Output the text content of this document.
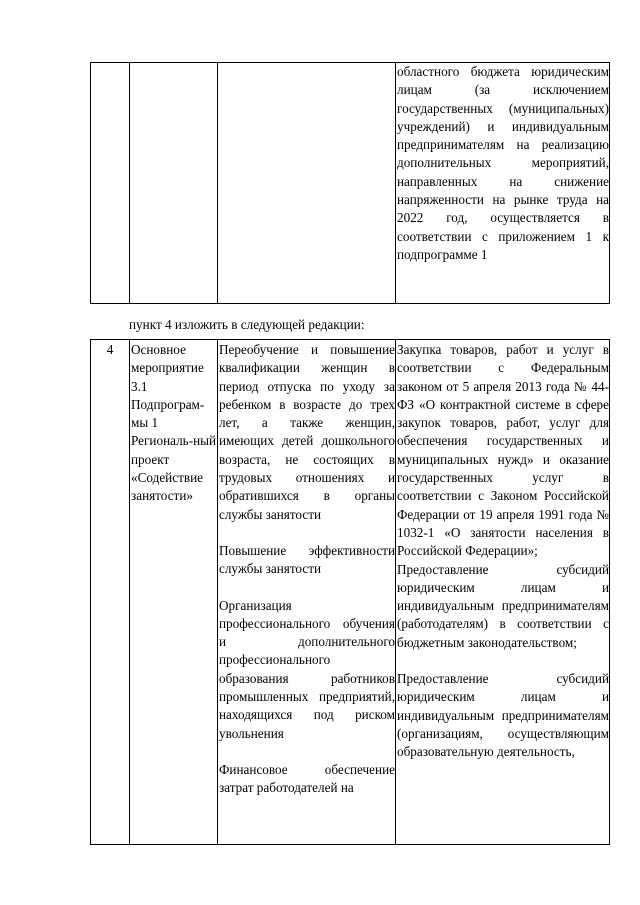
областного бюджета юридическим лицам (за исключением государственных (муниципальных) учреждений) и индивидуальным предпринимателям на реализацию дополнительных мероприятий, направленных на снижение напряженности на рынке труда на 2022 год, осуществляется в соответствии с приложением 1 к подпрограмме 1

пункт 4 изложить в следующей редакции:
4	Основное мероприятие 3.1 Подпрограм-мы 1 Региональ-ный проект «Содействие занятости»

Переобучение и повышение квалификации женщин в период отпуска по уходу за ребенком в возрасте до трех лет, а также женщин, имеющих детей дошкольного возраста, не состоящих в трудовых отношениях и обратившихся в органы службы занятости

Повышение эффективности службы занятости

Организация профессионального обучения и дополнительного профессионального образования работников промышленных предприятий, находящихся под риском увольнения

Финансовое обеспечение затрат работодателей на

Закупка товаров, работ и услуг в соответствии с Федеральным законом от 5 апреля 2013 года № 44-ФЗ «О контрактной системе в сфере закупок товаров, работ, услуг для обеспечения государственных и муниципальных нужд» и оказание государственных услуг в соответствии с Законом Российской Федерации от 19 апреля 1991 года № 1032-1 «О занятости населения в Российской Федерации»;

Предоставление субсидий юридическим лицам и индивидуальным предпринимателям (работодателям) в соответствии с бюджетным законодательством;

Предоставление субсидий юридическим лицам и индивидуальным предпринимателям (организациям, осуществляющим образовательную деятельность,
